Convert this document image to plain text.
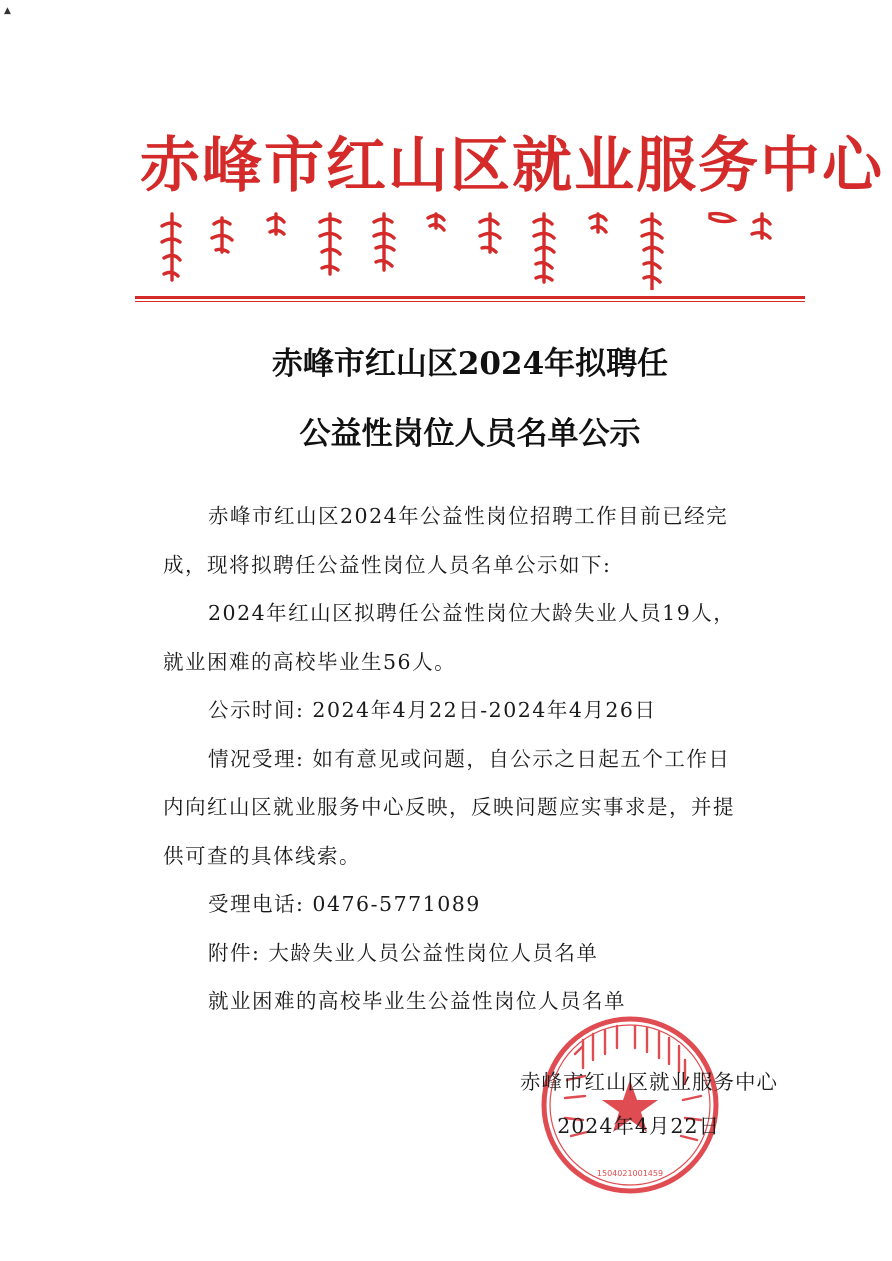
▲
赤峰市红山区就业服务中心
赤峰市红山区2024年拟聘任
公益性岗位人员名单公示

赤峰市红山区2024年公益性岗位招聘工作目前已经完

成，现将拟聘任公益性岗位人员名单公示如下:

2024年红山区拟聘任公益性岗位大龄失业人员19人，

就业困难的高校毕业生56人。

公示时间: 2024年4月22日-2024年4月26日

情况受理: 如有意见或问题，自公示之日起五个工作日

内向红山区就业服务中心反映，反映问题应实事求是，并提

供可查的具体线索。

受理电话: 0476-5771089

附件: 大龄失业人员公益性岗位人员名单

就业困难的高校毕业生公益性岗位人员名单

1504021001459
赤峰市红山区就业服务中心
2024年4月22日
